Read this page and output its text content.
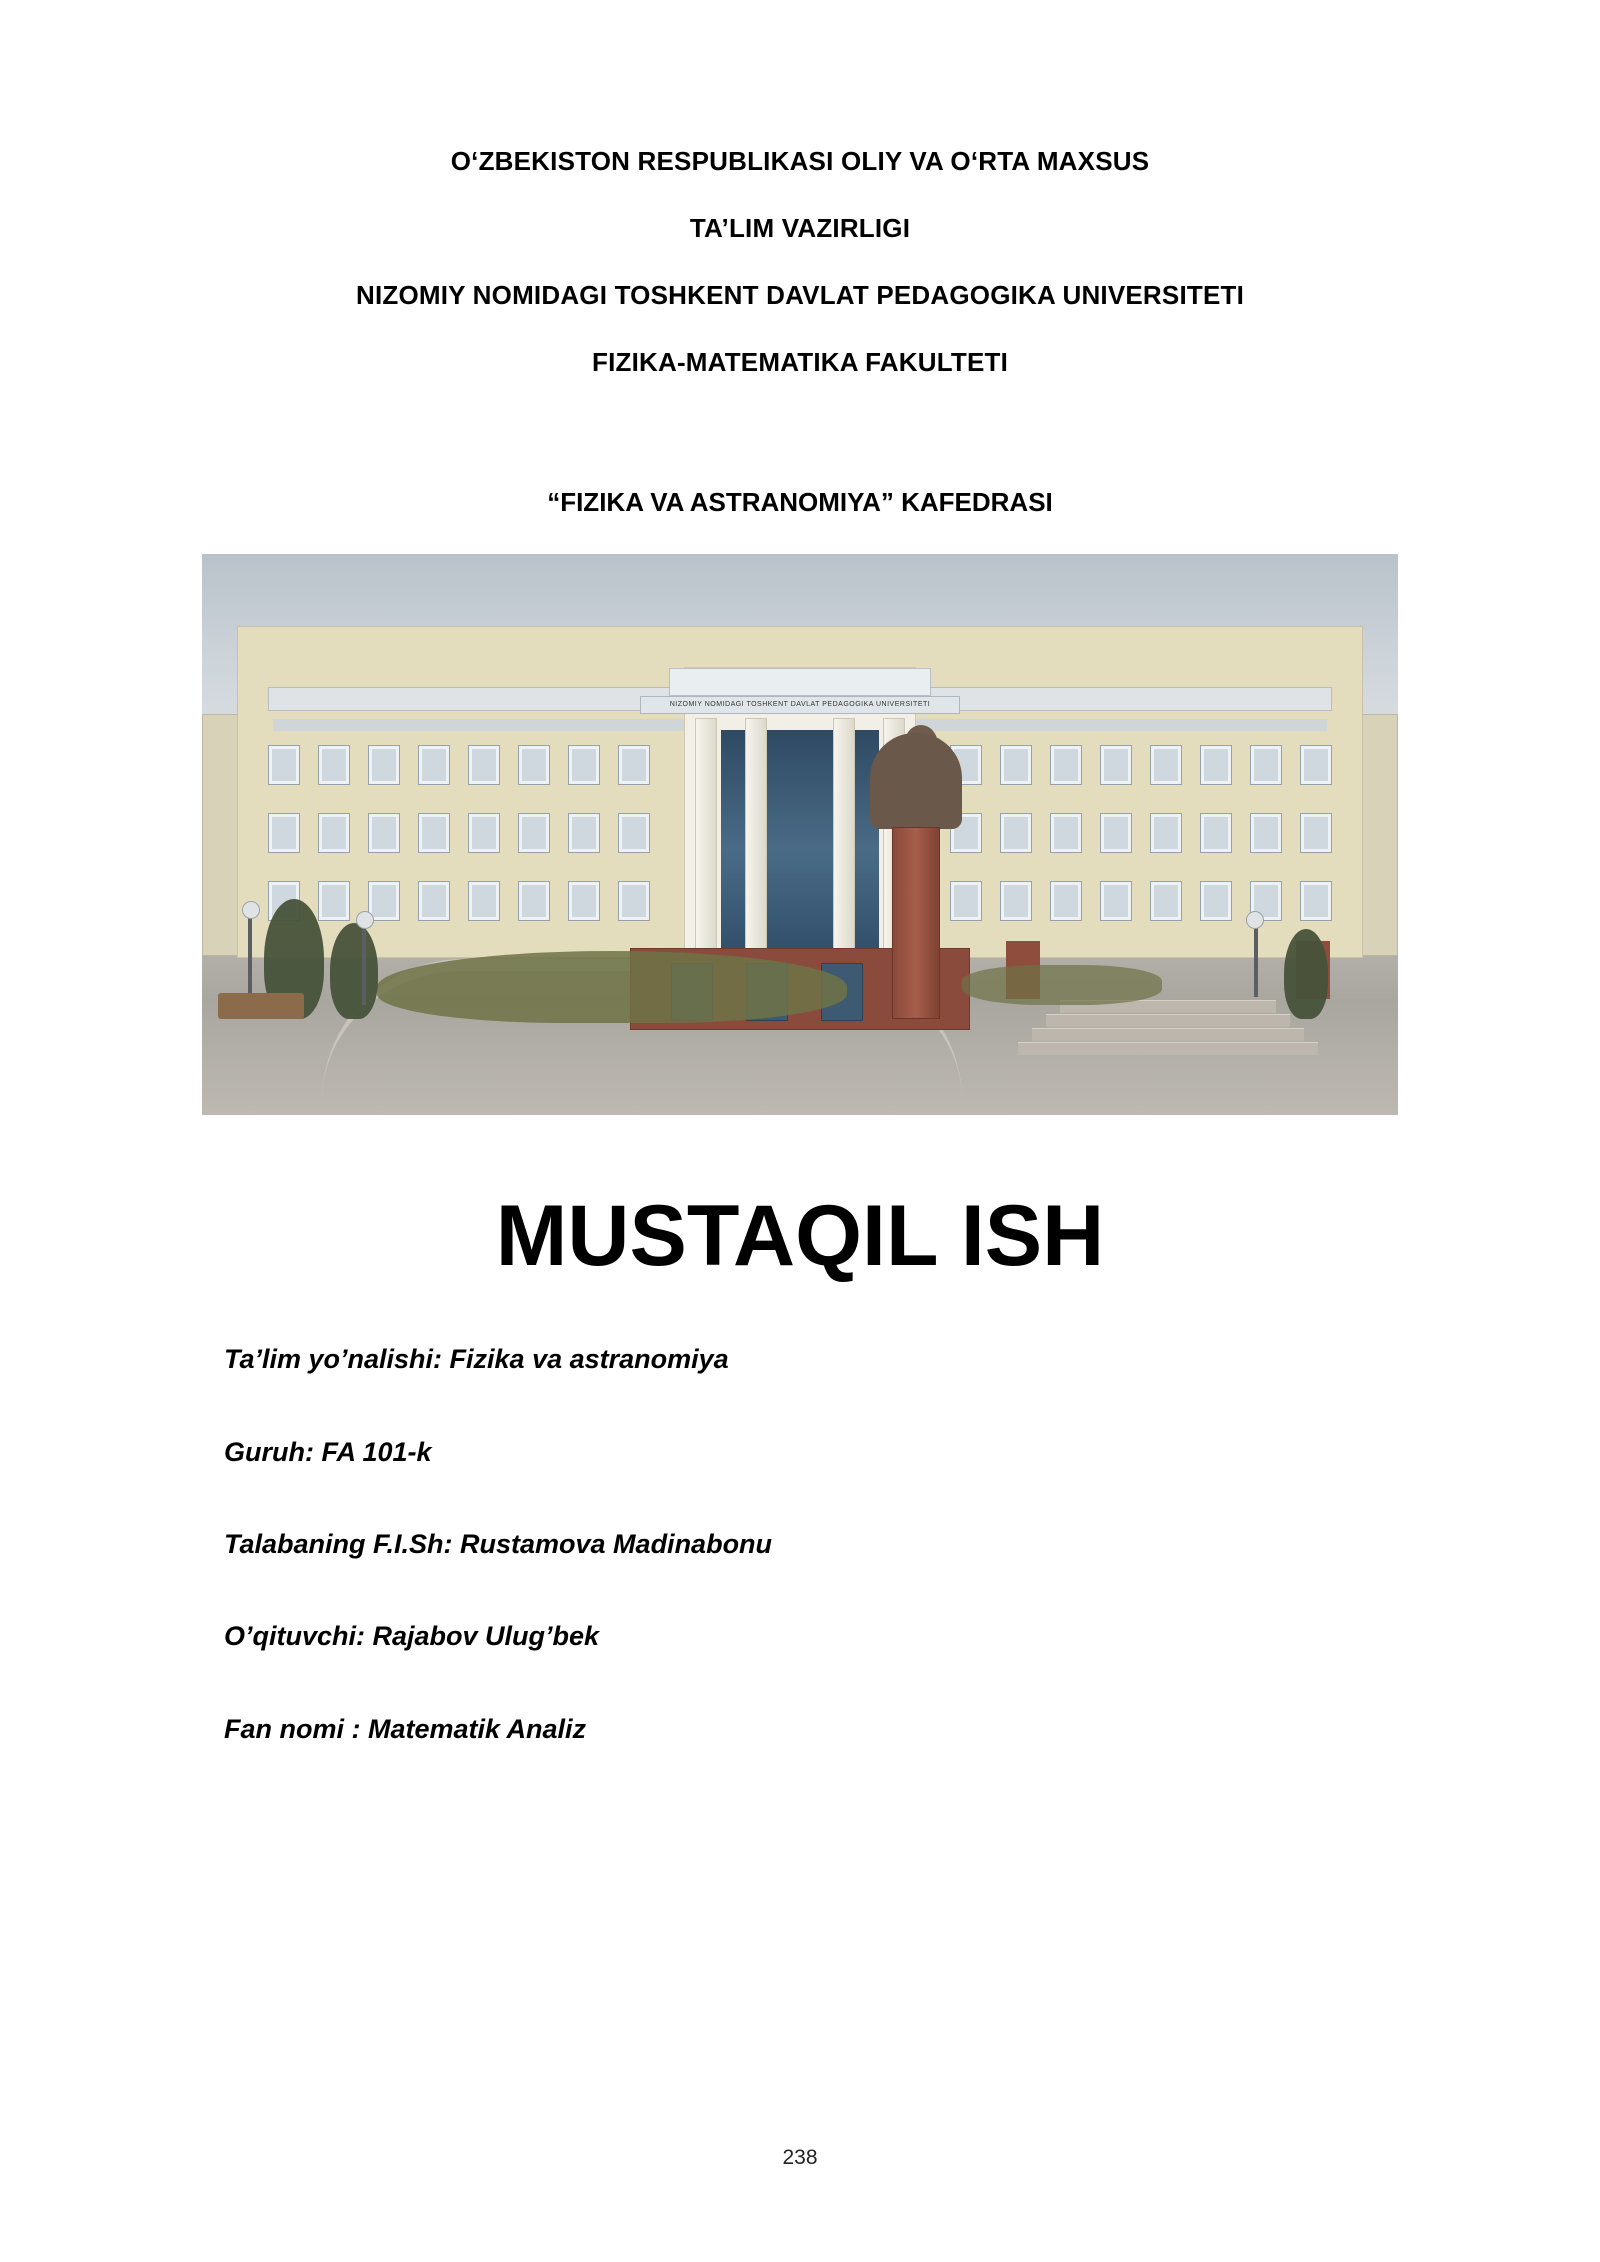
O‘ZBEKISTON RESPUBLIKASI OLIY VA O‘RTA MAXSUS

TA’LIM VAZIRLIGI

NIZOMIY NOMIDAGI TOSHKENT DAVLAT PEDAGOGIKA UNIVERSITETI

FIZIKA-MATEMATIKA FAKULTETI

“FIZIKA VA ASTRANOMIYA” KAFEDRASI

NIZOMIY NOMIDAGI TOSHKENT DAVLAT PEDAGOGIKA UNIVERSITETI
MUSTAQIL ISH

Ta’lim yo’nalishi: Fizika va astranomiya

Guruh: FA 101-k

Talabaning F.I.Sh: Rustamova Madinabonu

O’qituvchi: Rajabov Ulug’bek

Fan nomi : Matematik Analiz

238
